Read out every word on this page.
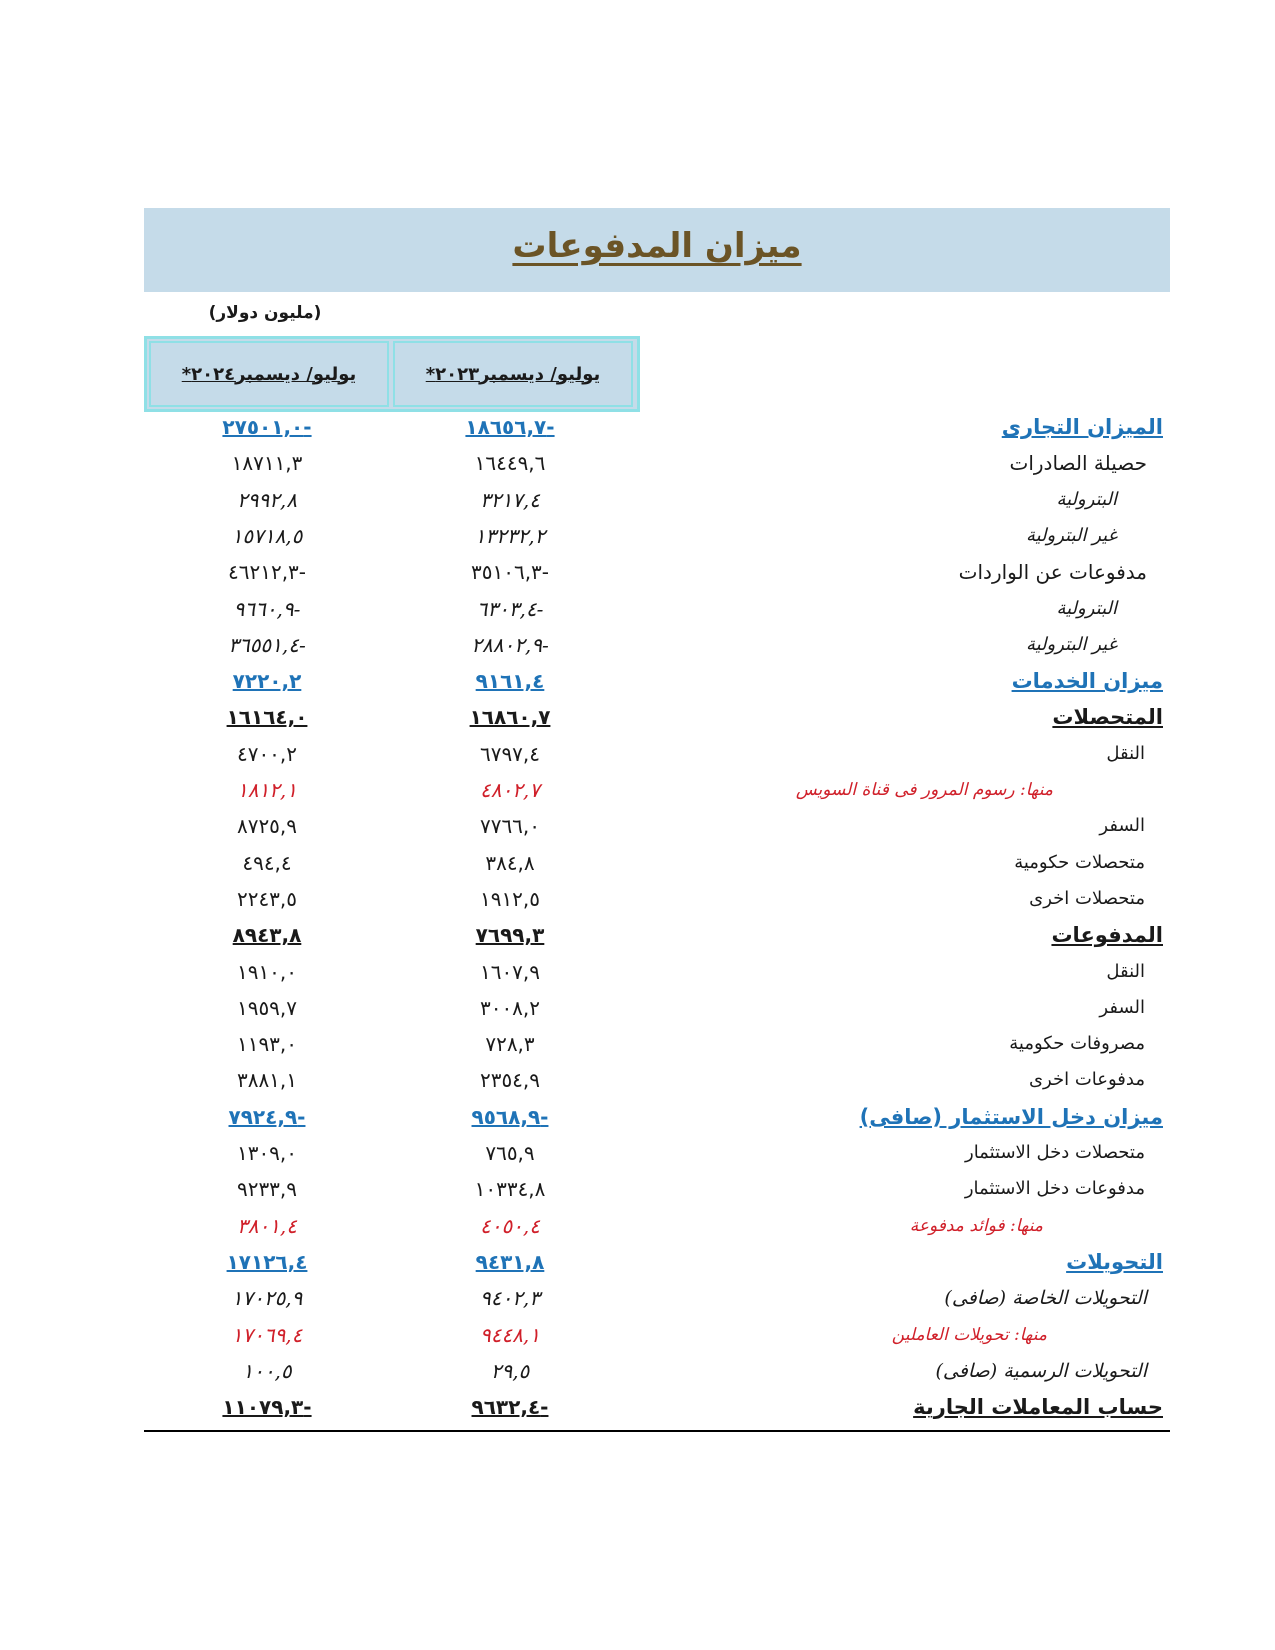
ميزان المدفوعات
(مليون دولار)
يوليو/ ديسمبر٢٠٢٤*	يوليو/ ديسمبر٢٠٢٣*
الميزان التجارى
١٨٦٥٦,٧-
٢٧٥٠١,٠-
حصيلة الصادرات
١٦٤٤٩,٦
١٨٧١١,٣
البترولية
٣٢١٧,٤
٢٩٩٢,٨
غير البترولية
١٣٢٣٢,٢
١٥٧١٨,٥
مدفوعات عن الواردات
٣٥١٠٦,٣-
٤٦٢١٢,٣-
البترولية
٦٣٠٣,٤-
٩٦٦٠,٩-
غير البترولية
٢٨٨٠٢,٩-
٣٦٥٥١,٤-
ميزان الخدمات
٩١٦١,٤
٧٢٢٠,٢
المتحصلات
١٦٨٦٠,٧
١٦١٦٤,٠
النقل
٦٧٩٧,٤
٤٧٠٠,٢
منها: رسوم المرور فى قناة السويس
٤٨٠٢,٧
١٨١٢,١
السفر
٧٧٦٦,٠
٨٧٢٥,٩
متحصلات حكومية
٣٨٤,٨
٤٩٤,٤
متحصلات اخرى
١٩١٢,٥
٢٢٤٣,٥
المدفوعات
٧٦٩٩,٣
٨٩٤٣,٨
النقل
١٦٠٧,٩
١٩١٠,٠
السفر
٣٠٠٨,٢
١٩٥٩,٧
مصروفات حكومية
٧٢٨,٣
١١٩٣,٠
مدفوعات اخرى
٢٣٥٤,٩
٣٨٨١,١
ميزان دخل الاستثمار (صافى)
٩٥٦٨,٩-
٧٩٢٤,٩-
متحصلات دخل الاستثمار
٧٦٥,٩
١٣٠٩,٠
مدفوعات دخل الاستثمار
١٠٣٣٤,٨
٩٢٣٣,٩
منها: فوائد مدفوعة
٤٠٥٠,٤
٣٨٠١,٤
التحويلات
٩٤٣١,٨
١٧١٢٦,٤
التحويلات الخاصة (صافى)
٩٤٠٢,٣
١٧٠٢٥,٩
منها: تحويلات العاملين
٩٤٤٨,١
١٧٠٦٩,٤
التحويلات الرسمية (صافى)
٢٩,٥
١٠٠,٥
حساب المعاملات الجارية
٩٦٣٢,٤-
١١٠٧٩,٣-
